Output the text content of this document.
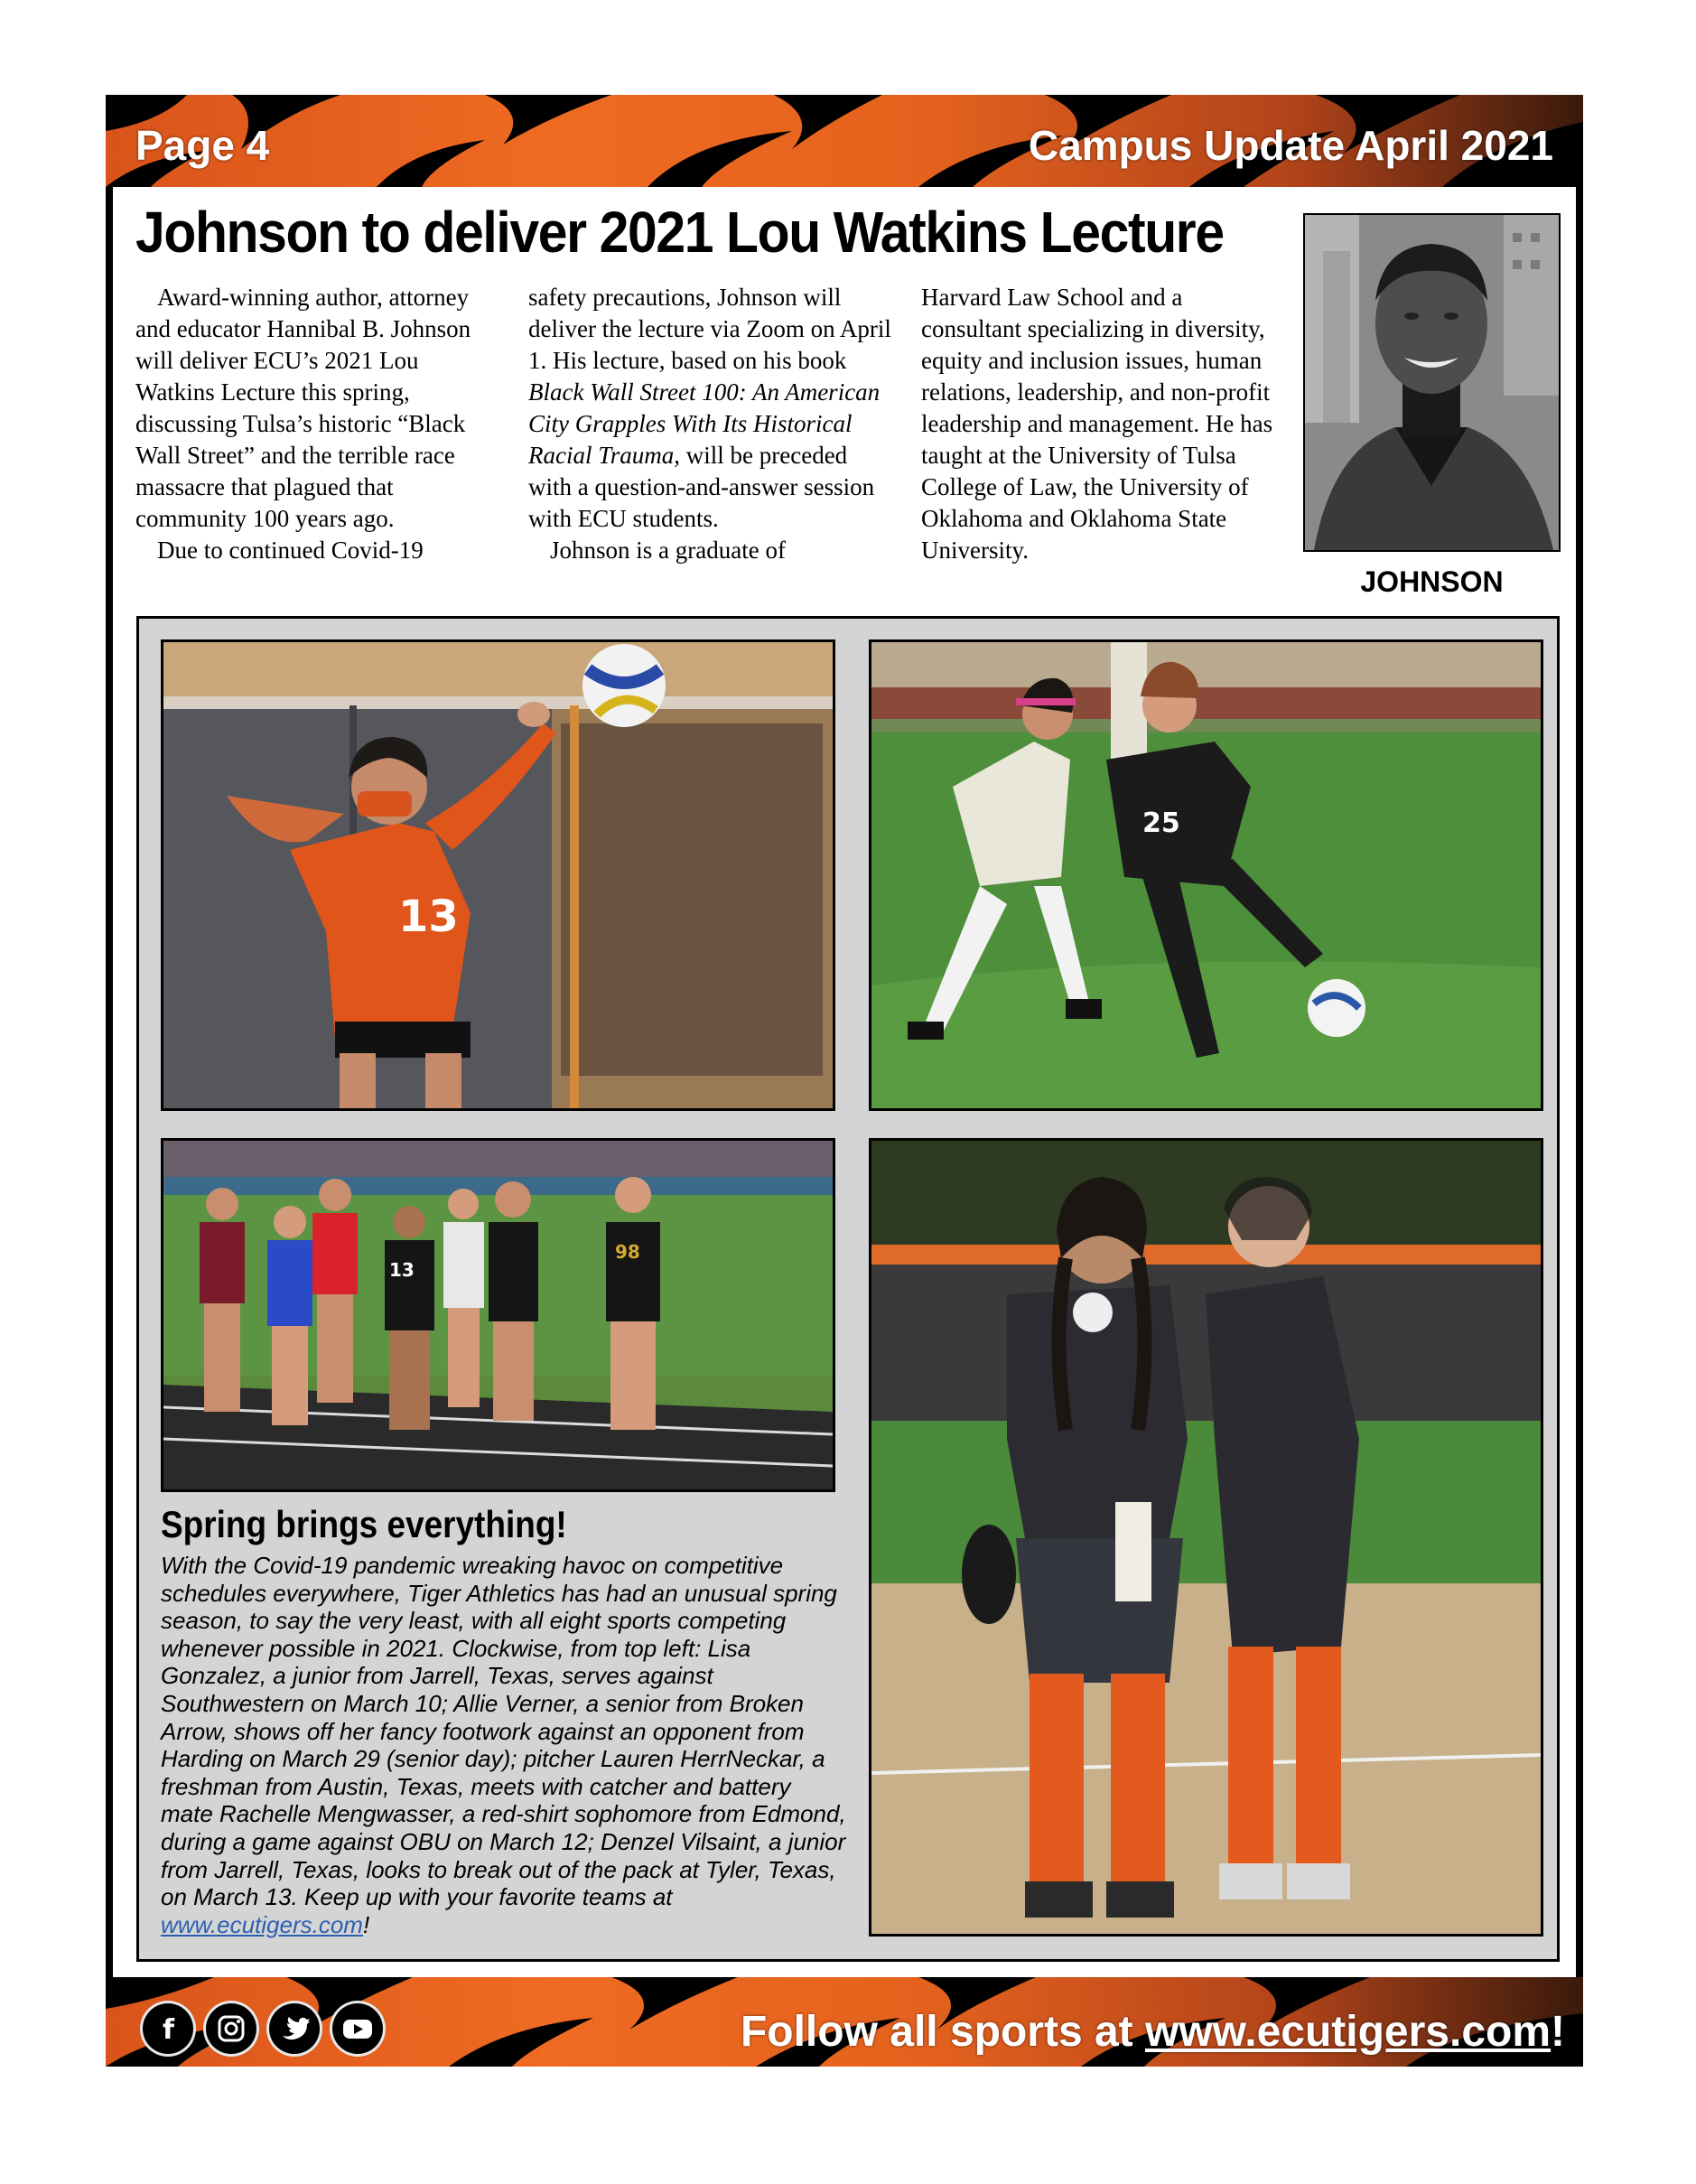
Page 4	Campus Update April 2021
Johnson to deliver 2021 Lou Watkins Lecture

Award-winning author, attorney and educator Hannibal B. Johnson will deliver ECU’s 2021 Lou Watkins Lecture this spring, discussing Tulsa’s historic “Black Wall Street” and the terrible race massacre that plagued that community 100 years ago.

Due to continued Covid-19

safety precautions, Johnson will deliver the lecture via Zoom on April 1. His lecture, based on his book Black Wall Street 100: An American City Grapples With Its Historical Racial Trauma, will be preceded with a question-and-answer session with ECU students.

Johnson is a graduate of

Harvard Law School and a consultant specializing in diversity, equity and inclusion issues, human relations, leadership, and non-profit leadership and management. He has taught at the University of Tulsa College of Law, the University of Oklahoma and Oklahoma State University.

JOHNSON
13
25
13
98
Spring brings everything!
With the Covid-19 pandemic wreaking havoc on competitive schedules everywhere, Tiger Athletics has had an unusual spring season, to say the very least, with all eight sports competing whenever possible in 2021. Clockwise, from top left: Lisa Gonzalez, a junior from Jarrell, Texas, serves against Southwestern on March 10; Allie Verner, a senior from Broken Arrow, shows off her fancy footwork against an opponent from Harding on March 29 (senior day); pitcher Lauren HerrNeckar, a freshman from Austin, Texas, meets with catcher and battery mate Rachelle Mengwasser, a red-shirt sophomore from Edmond, during a game against OBU on March 12; Denzel Vilsaint, a junior from Jarrell, Texas, looks to break out of the pack at Tyler, Texas, on March 13. Keep up with your favorite teams at www.ecutigers.com!
f	Follow all sports at www.ecutigers.com!
